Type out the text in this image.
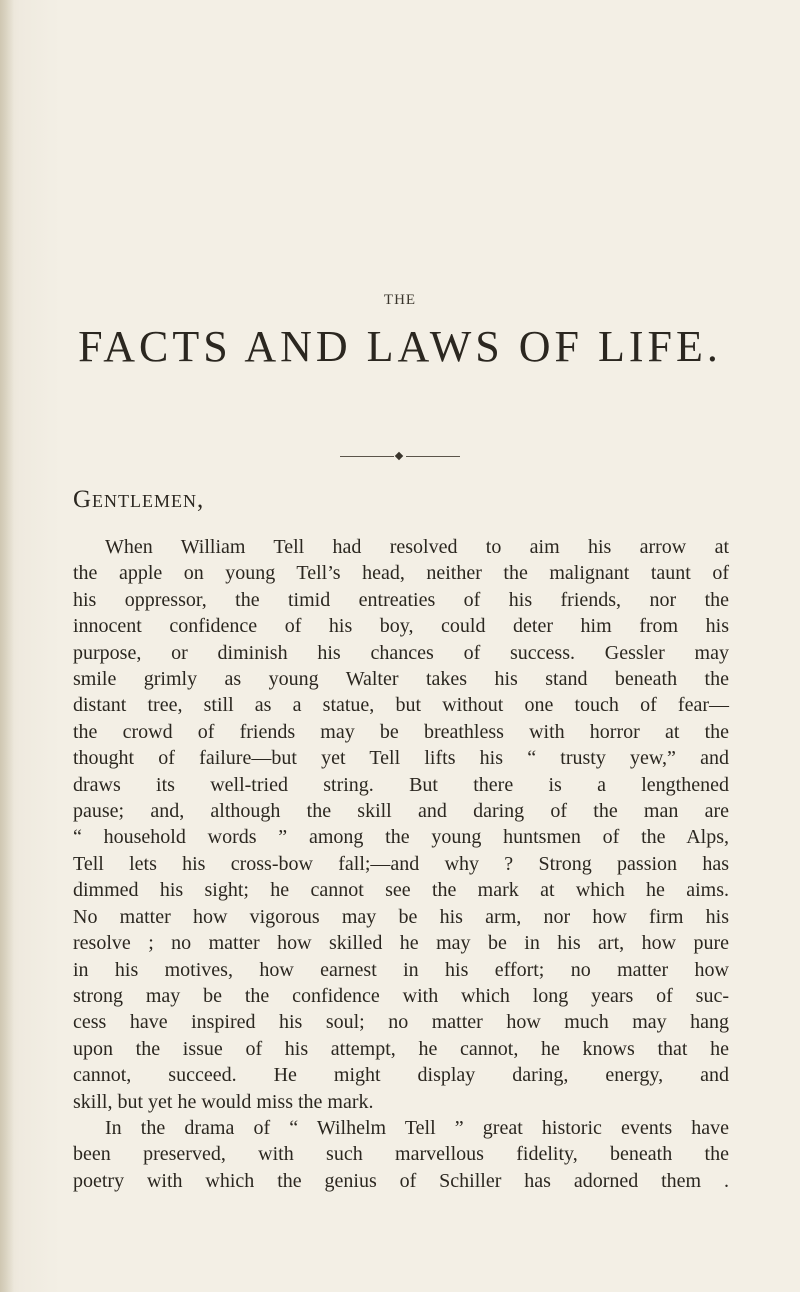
THE
FACTS AND LAWS OF LIFE.
Gentlemen,
When William Tell had resolved to aim his arrow at
the apple on young Tell’s head, neither the malignant taunt of
his oppressor, the timid entreaties of his friends, nor the
innocent confidence of his boy, could deter him from his
purpose, or diminish his chances of success. Gessler may
smile grimly as young Walter takes his stand beneath the
distant tree, still as a statue, but without one touch of fear—
the crowd of friends may be breathless with horror at the
thought of failure—but yet Tell lifts his “ trusty yew,” and
draws its well-tried string. But there is a lengthened
pause; and, although the skill and daring of the man are
“ household words ” among the young huntsmen of the Alps,
Tell lets his cross-bow fall;—and why ? Strong passion has
dimmed his sight; he cannot see the mark at which he aims.
No matter how vigorous may be his arm, nor how firm his
resolve ; no matter how skilled he may be in his art, how pure
in his motives, how earnest in his effort; no matter how
strong may be the confidence with which long years of suc-
cess have inspired his soul; no matter how much may hang
upon the issue of his attempt, he cannot, he knows that he
cannot, succeed. He might display daring, energy, and
skill, but yet he would miss the mark.
In the drama of “ Wilhelm Tell ” great historic events have
been preserved, with such marvellous fidelity, beneath the
poetry with which the genius of Schiller has adorned them .
